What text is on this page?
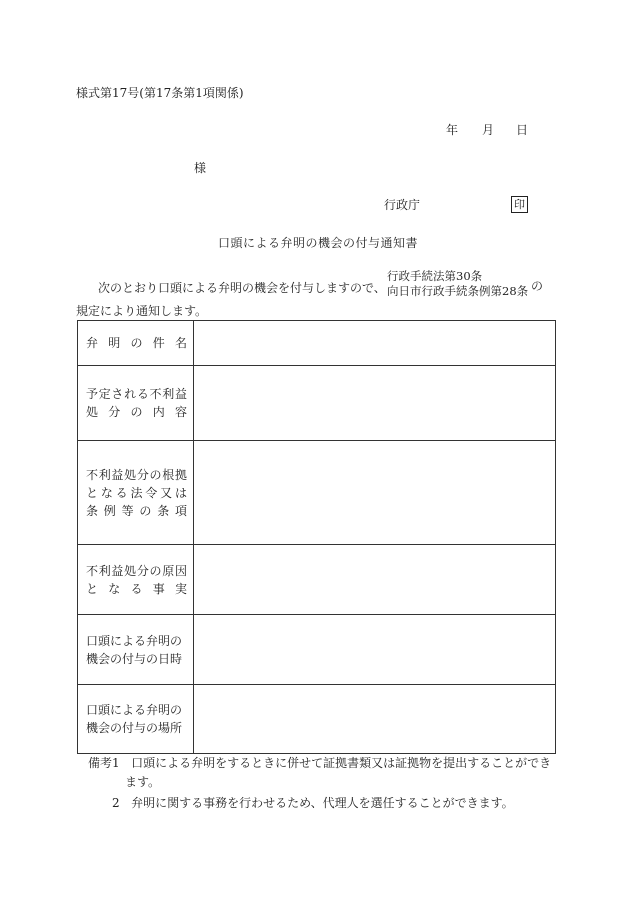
様式第17号(第17条第1項関係)
年 月 日
様
行政庁	印
口頭による弁明の機会の付与通知書
次のとおり口頭による弁明の機会を付与しますので、
行政手続法第30条
向日市行政手続条例第28条 の
規定により通知します。
弁 明 の 件 名	

予定される不利益
処 分 の 内 容	

不利益処分の根拠
となる法令又は
条 例 等 の 条 項	

不利益処分の原因
と な る 事 実	

口頭による弁明の
機会の付与の日時	

口頭による弁明の
機会の付与の場所	

備考1 口頭による弁明をするときに併せて証拠書類又は証拠物を提出することができ
ます。
2 弁明に関する事務を行わせるため、代理人を選任することができます。
